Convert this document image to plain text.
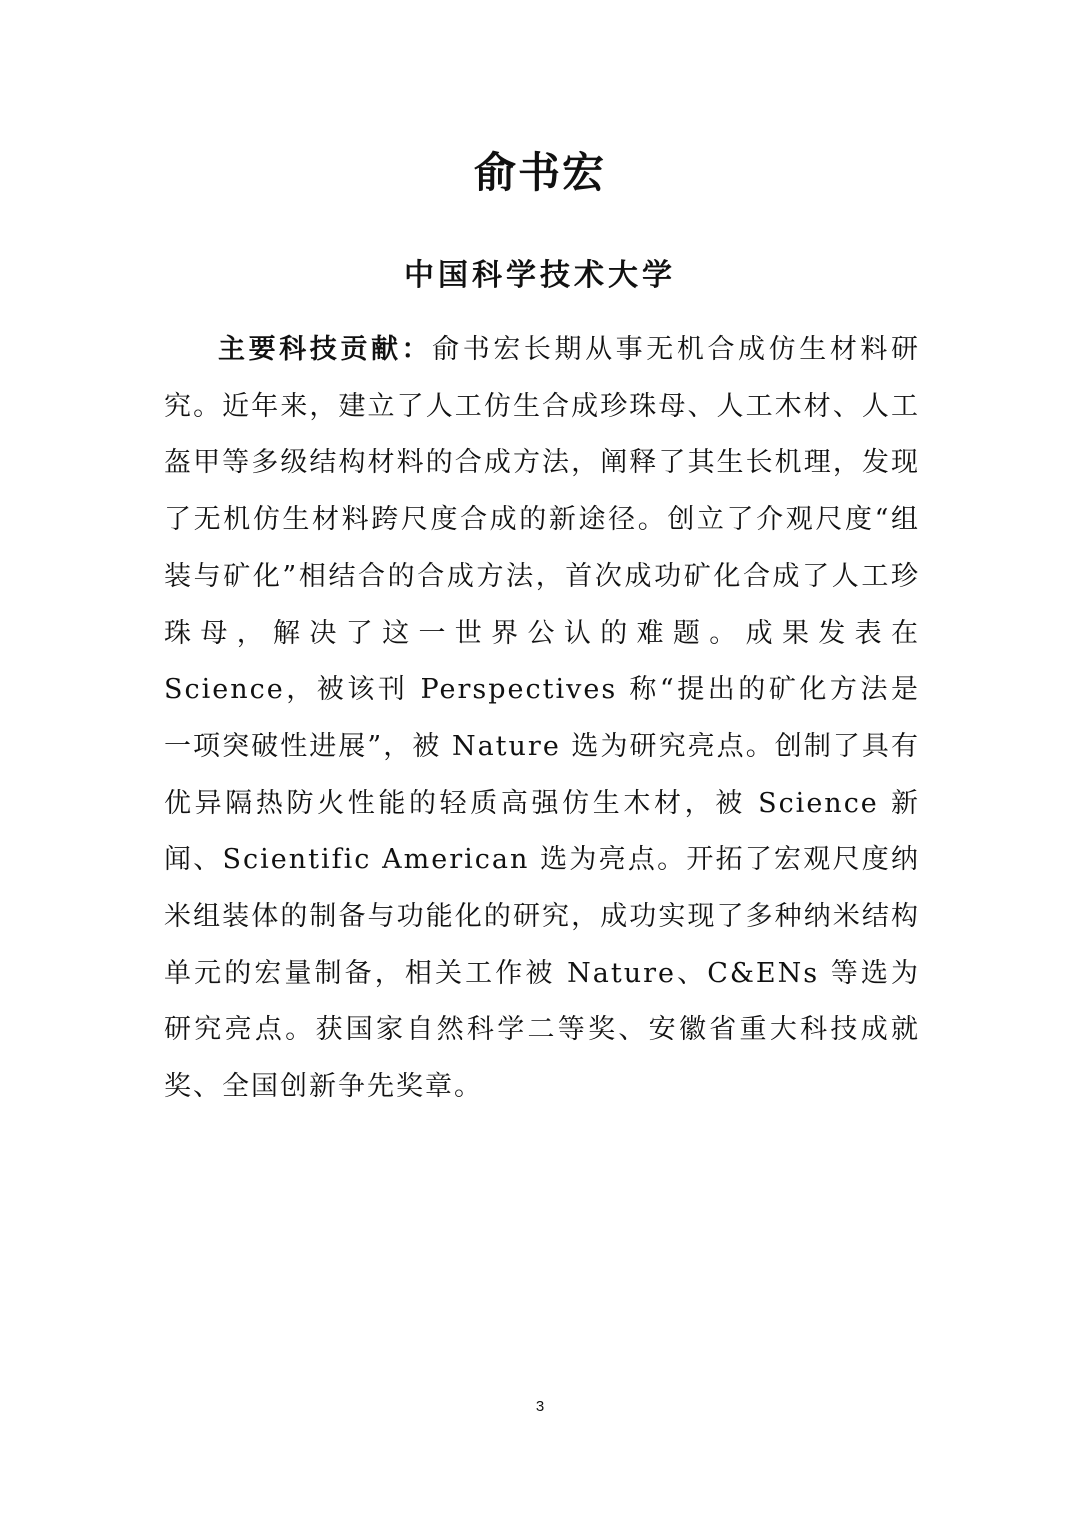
俞书宏
中国科学技术大学

主要科技贡献：俞书宏长期从事无机合成仿生材料研究。近年来，建立了人工仿生合成珍珠母、人工木材、人工盔甲等多级结构材料的合成方法，阐释了其生长机理，发现了无机仿生材料跨尺度合成的新途径。创立了介观尺度“组装与矿化”相结合的合成方法，首次成功矿化合成了人工珍珠母，解决了这一世界公认的难题。成果发表在 Science，被该刊 Perspectives 称“提出的矿化方法是一项突破性进展”，被 Nature 选为研究亮点。创制了具有优异隔热防火性能的轻质高强仿生木材，被 Science 新闻、Scientific American 选为亮点。开拓了宏观尺度纳米组装体的制备与功能化的研究，成功实现了多种纳米结构单元的宏量制备，相关工作被 Nature、C&ENs 等选为研究亮点。获国家自然科学二等奖、安徽省重大科技成就奖、全国创新争先奖章。

3
